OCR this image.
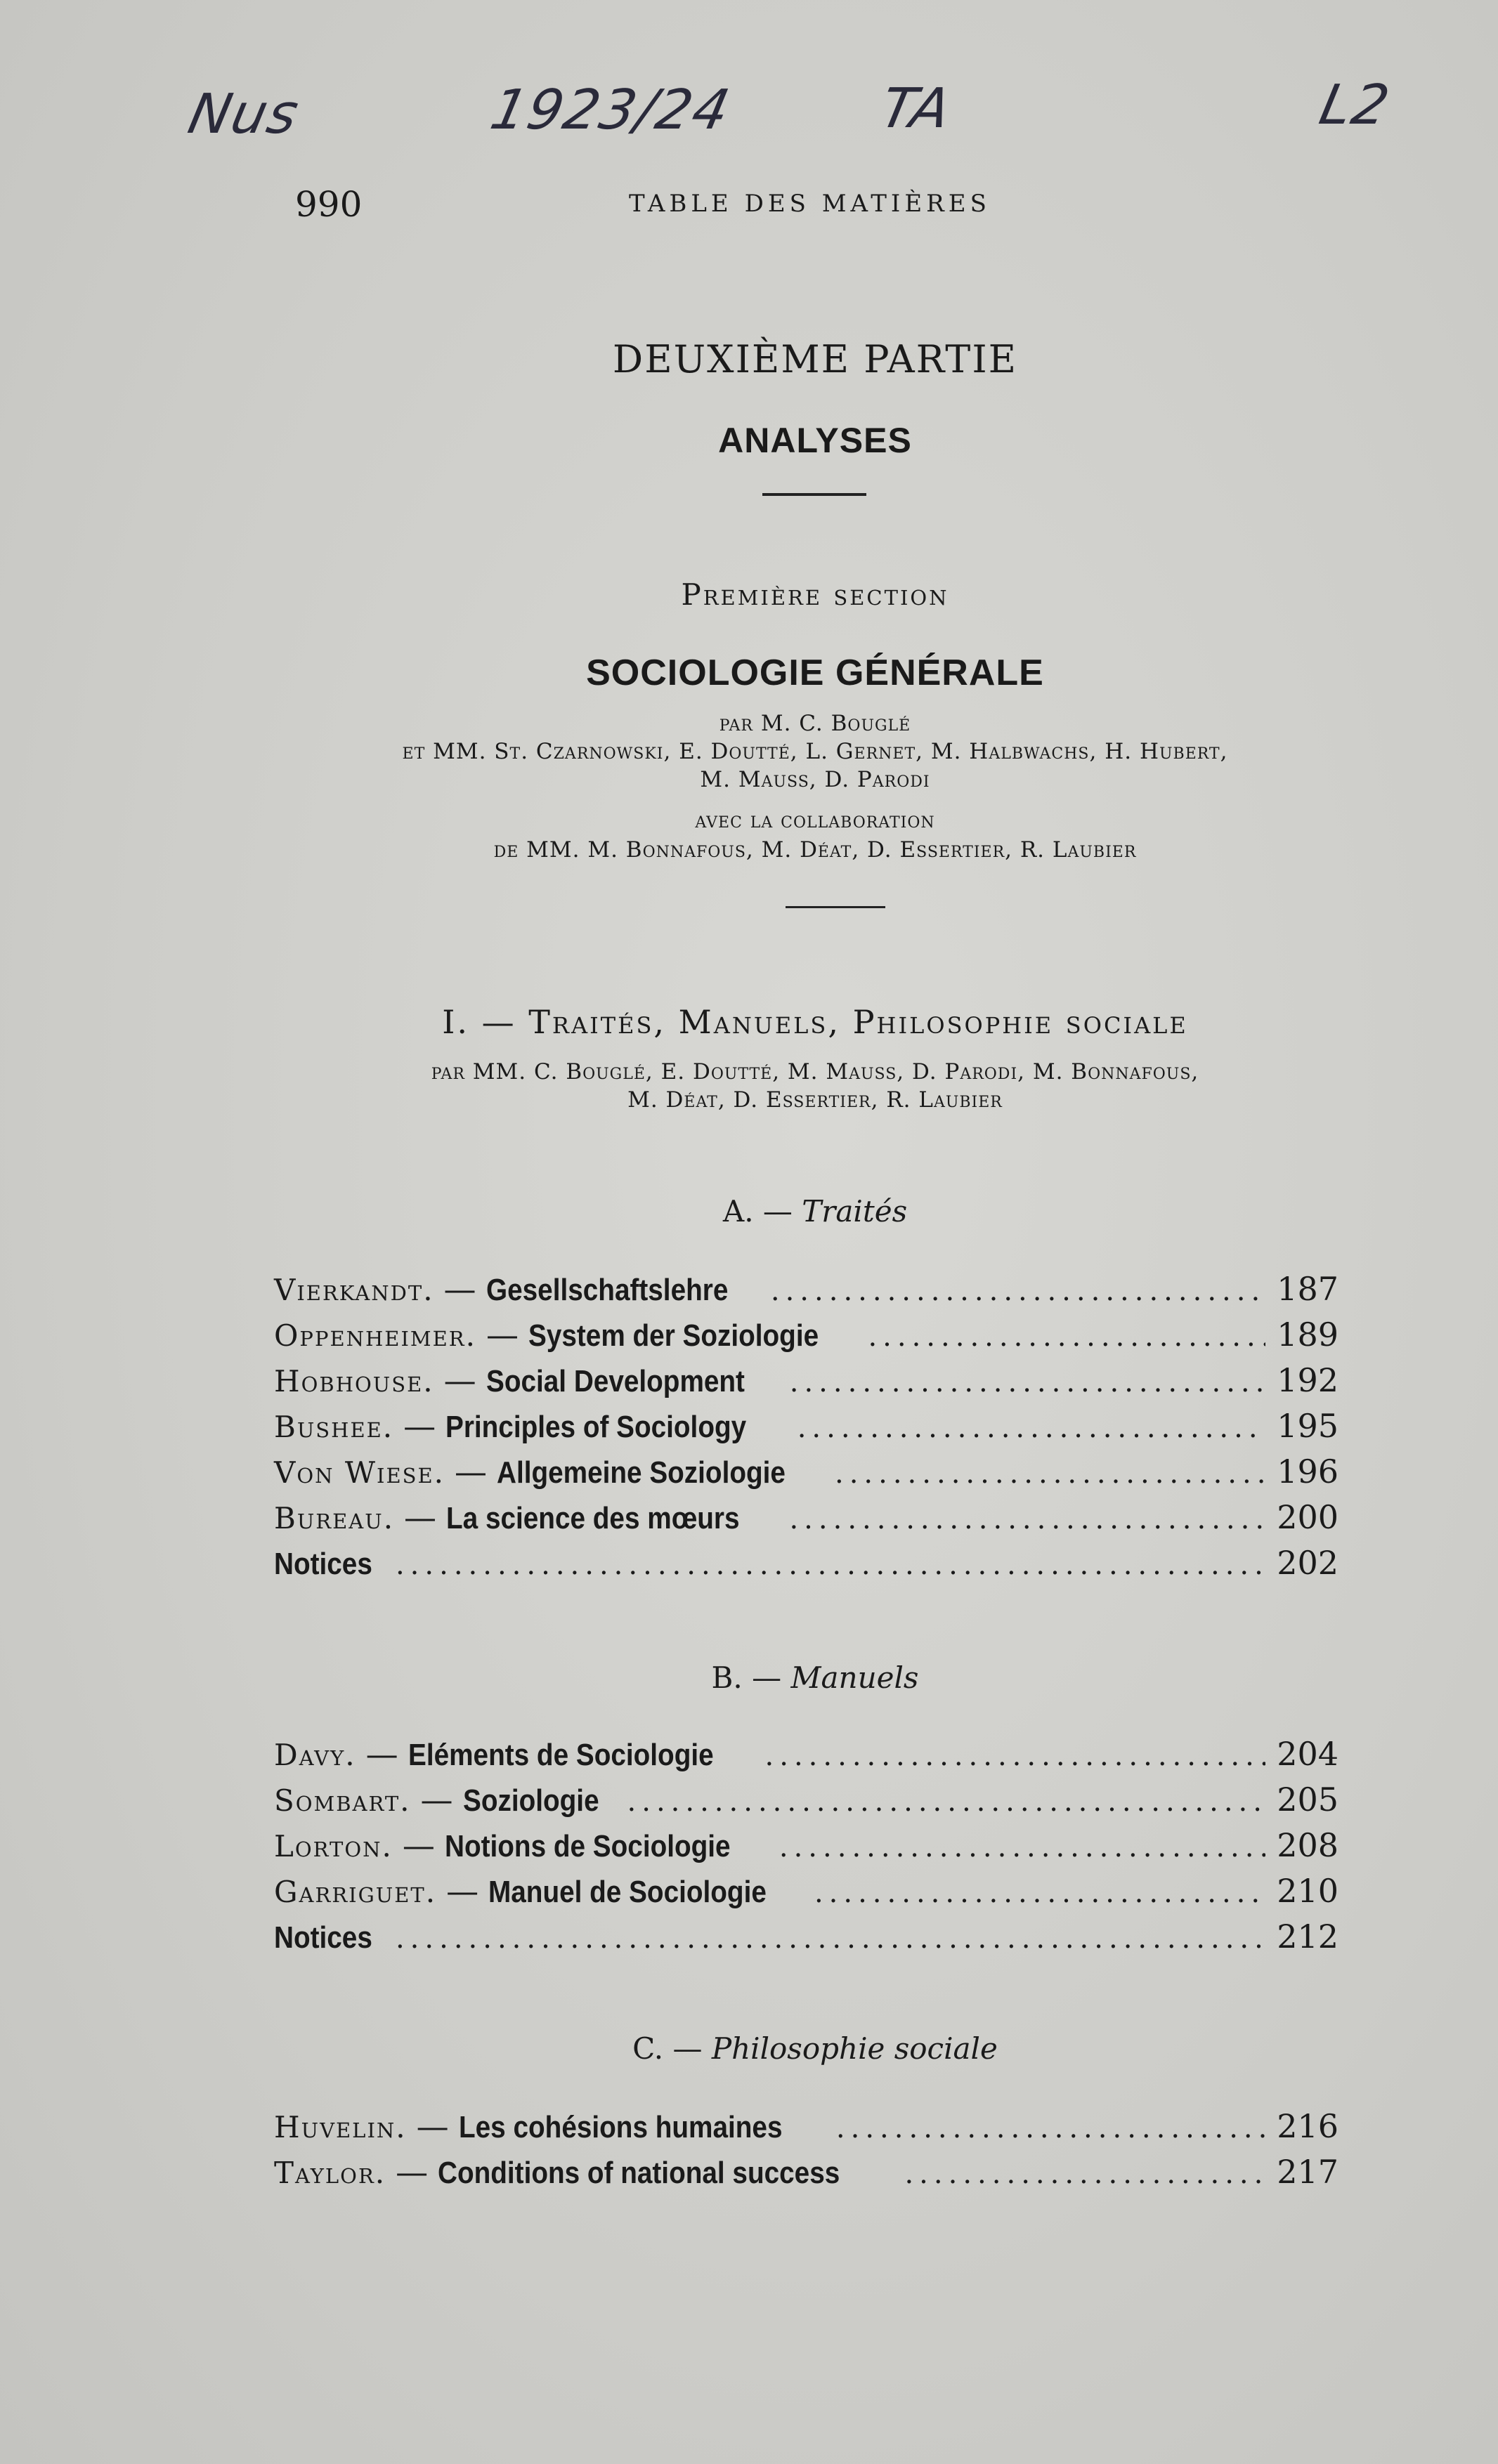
Nus	1923/24	TA	L2
990	TABLE DES MATIÈRES
DEUXIÈME PARTIE
ANALYSES
Première section
SOCIOLOGIE GÉNÉRALE
par M. C. Bouglé
et MM. St. Czarnowski, E. Doutté, L. Gernet, M. Halbwachs, H. Hubert,
M. Mauss, D. Parodi
avec la collaboration
de MM. M. Bonnafous, M. Déat, D. Essertier, R. Laubier
I. — Traités, Manuels, Philosophie sociale
par MM. C. Bouglé, E. Doutté, M. Mauss, D. Parodi, M. Bonnafous,
M. Déat, D. Essertier, R. Laubier
A. — Traités
Vierkandt. — Gesellschaftslehre .....	187
Oppenheimer. — System der Soziologie .....	189
Hobhouse. — Social Development .....	192
Bushee. — Principles of Sociology .....	195
Von Wiese. — Allgemeine Soziologie .....	196
Bureau. — La science des mœurs .....	200
Notices .....	202
B. — Manuels
Davy. — Eléments de Sociologie .....	204
Sombart. — Soziologie .....	205
Lorton. — Notions de Sociologie .....	208
Garriguet. — Manuel de Sociologie .....	210
Notices .....	212
C. — Philosophie sociale
Huvelin. — Les cohésions humaines .....	216
Taylor. — Conditions of national success .....	217
